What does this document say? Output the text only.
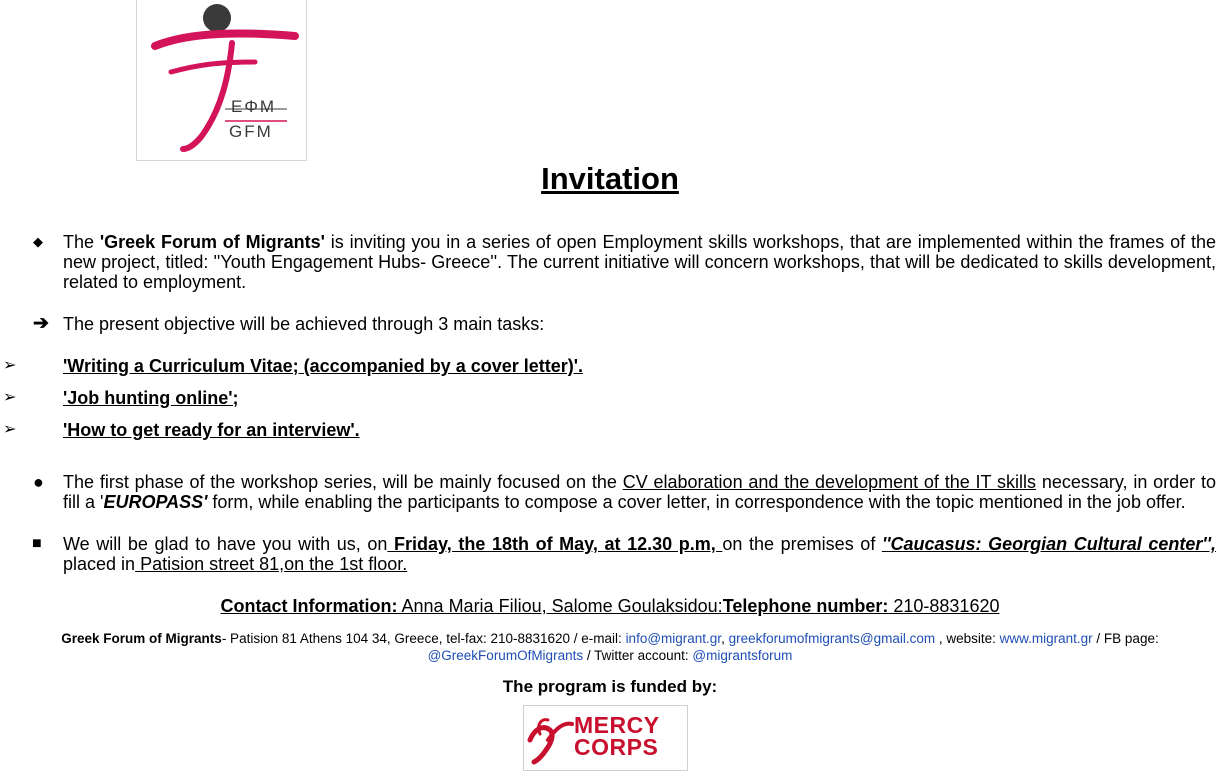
ΕΦΜ
GFM
Invitation
◆ The 'Greek Forum of Migrants' is inviting you in a series of open Employment skills workshops, that are implemented within the frames of the new project, titled: ''Youth Engagement Hubs- Greece''. The current initiative will concern workshops, that will be dedicated to skills development, related to employment.
➔ The present objective will be achieved through 3 main tasks:
➢	'Writing a Curriculum Vitae; (accompanied by a cover letter)'.
➢	'Job hunting online';
➢	'How to get ready for an interview'.
● The first phase of the workshop series, will be mainly focused on the CV elaboration and the development of the IT skills necessary, in order to fill a 'EUROPASS' form, while enabling the participants to compose a cover letter, in correspondence with the topic mentioned in the job offer.
■ We will be glad to have you with us, on Friday, the 18th of May, at 12.30 p.m, on the premises of ''Caucasus: Georgian Cultural center'', placed in Patision street 81,on the 1st floor.
Contact Information: Anna Maria Filiou, Salome Goulaksidou:Telephone number: 210-8831620
Greek Forum of Migrants- Patision 81 Athens 104 34, Greece, tel-fax: 210-8831620 / e-mail: info@migrant.gr, greekforumofmigrants@gmail.com , website: www.migrant.gr / FB page:
@GreekForumOfMigrants / Twitter account: @migrantsforum
The program is funded by:
MERCY
CORPS
